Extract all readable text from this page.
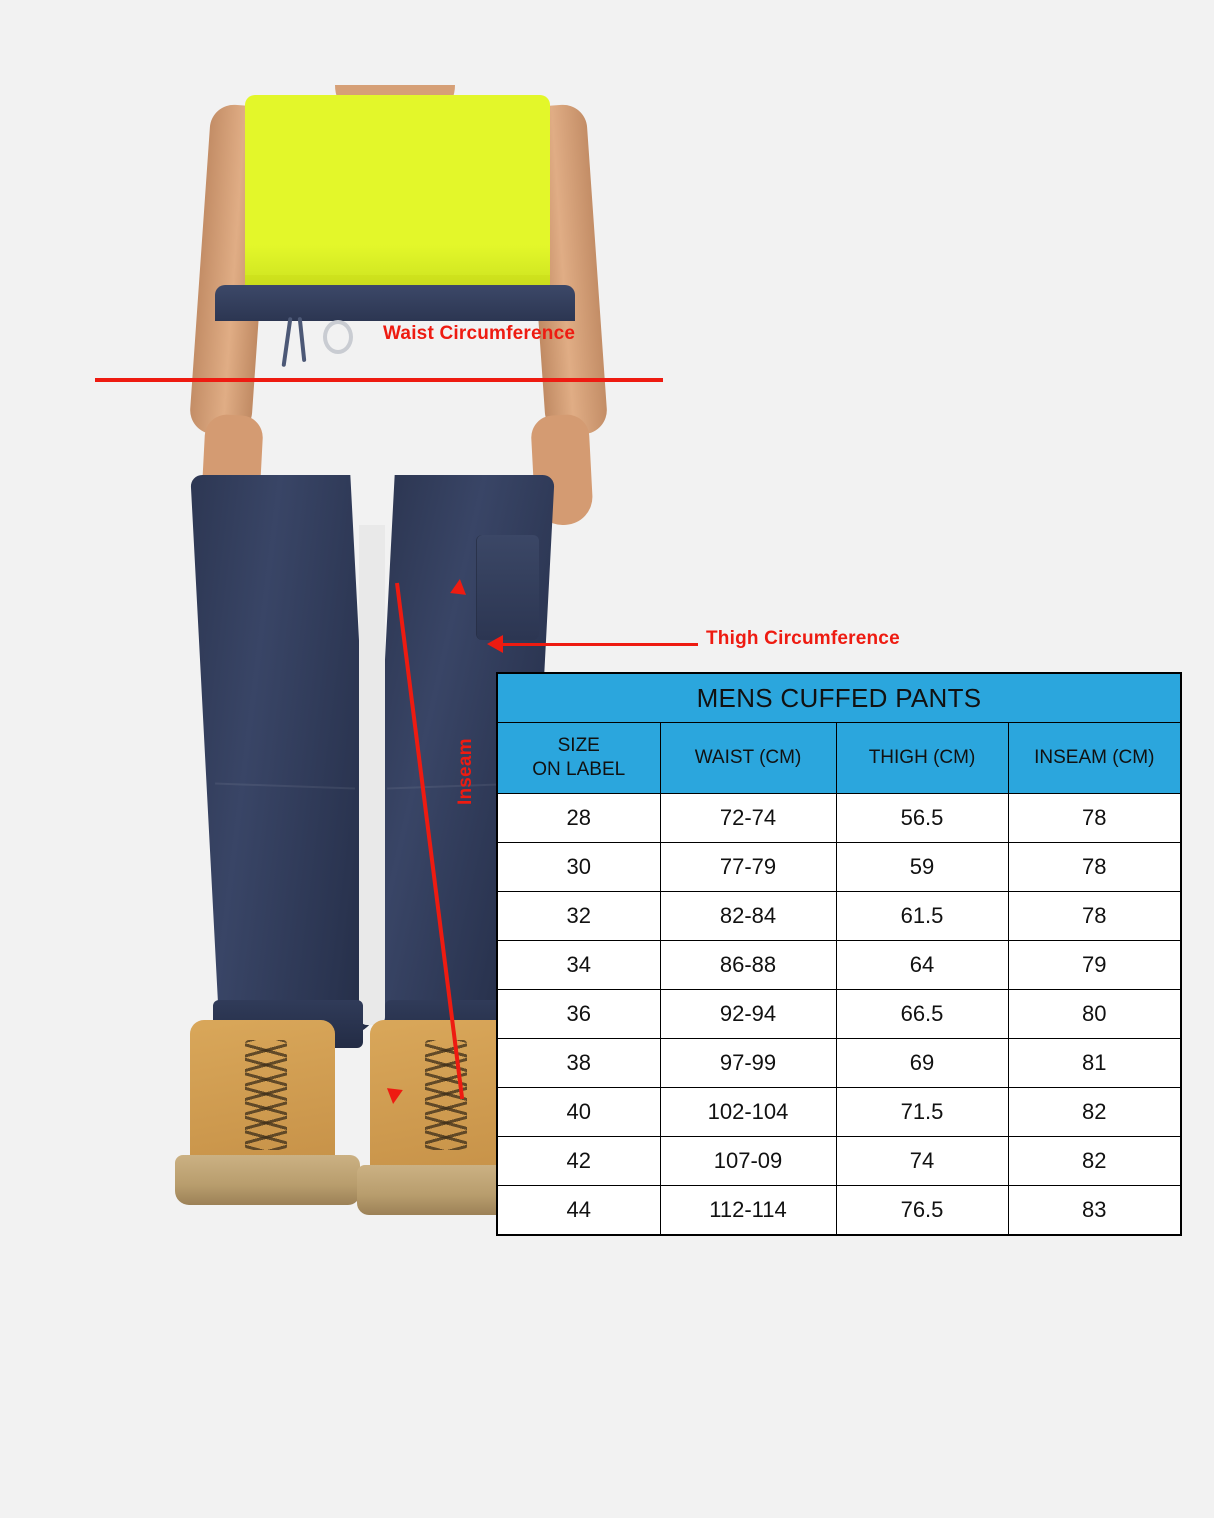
Waist Circumference
Thigh Circumference
Inseam
MENS CUFFED PANTS			

SIZE
ON LABEL	WAIST (CM)	THIGH (CM)	INSEAM (CM)
28	72-74	56.5	78
30	77-79	59	78
32	82-84	61.5	78
34	86-88	64	79
36	92-94	66.5	80
38	97-99	69	81
40	102-104	71.5	82
42	107-09	74	82
44	112-114	76.5	83
